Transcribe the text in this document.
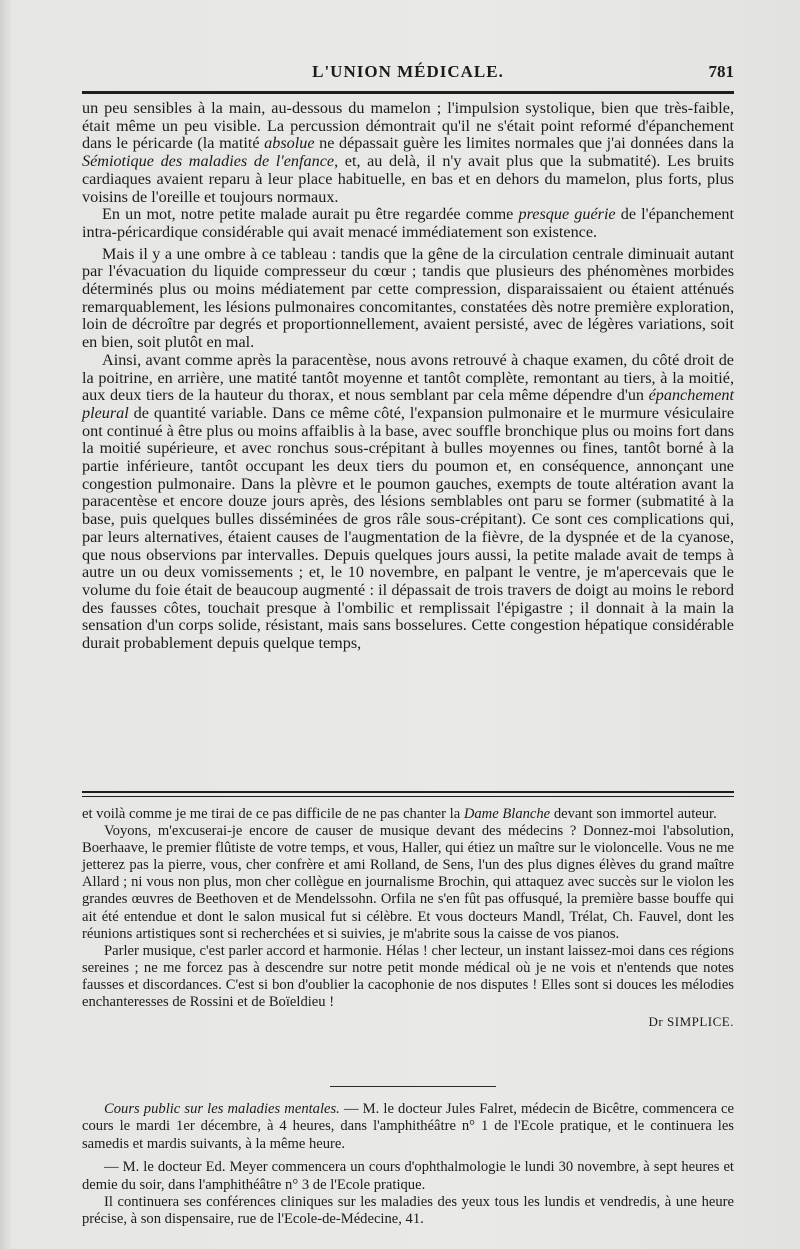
L'UNION MÉDICALE.	781

un peu sensibles à la main, au-dessous du mamelon ; l'impulsion systolique, bien que très-faible, était même un peu visible. La percussion démontrait qu'il ne s'était point reformé d'épanchement dans le péricarde (la matité absolue ne dépassait guère les limites normales que j'ai données dans la Sémiotique des maladies de l'enfance, et, au delà, il n'y avait plus que la submatité). Les bruits cardiaques avaient reparu à leur place habituelle, en bas et en dehors du mamelon, plus forts, plus voisins de l'oreille et toujours normaux.

En un mot, notre petite malade aurait pu être regardée comme presque guérie de l'épanchement intra-péricardique considérable qui avait menacé immédiatement son existence.

Mais il y a une ombre à ce tableau : tandis que la gêne de la circulation centrale diminuait autant par l'évacuation du liquide compresseur du cœur ; tandis que plusieurs des phénomènes morbides déterminés plus ou moins médiatement par cette compression, disparaissaient ou étaient atténués remarquablement, les lésions pulmonaires concomitantes, constatées dès notre première exploration, loin de décroître par degrés et proportionnellement, avaient persisté, avec de légères variations, soit en bien, soit plutôt en mal.

Ainsi, avant comme après la paracentèse, nous avons retrouvé à chaque examen, du côté droit de la poitrine, en arrière, une matité tantôt moyenne et tantôt complète, remontant au tiers, à la moitié, aux deux tiers de la hauteur du thorax, et nous semblant par cela même dépendre d'un épanchement pleural de quantité variable. Dans ce même côté, l'expansion pulmonaire et le murmure vésiculaire ont continué à être plus ou moins affaiblis à la base, avec souffle bronchique plus ou moins fort dans la moitié supérieure, et avec ronchus sous-crépitant à bulles moyennes ou fines, tantôt borné à la partie inférieure, tantôt occupant les deux tiers du poumon et, en conséquence, annonçant une congestion pulmonaire. Dans la plèvre et le poumon gauches, exempts de toute altération avant la paracentèse et encore douze jours après, des lésions semblables ont paru se former (submatité à la base, puis quelques bulles disséminées de gros râle sous-crépitant). Ce sont ces complications qui, par leurs alternatives, étaient causes de l'augmentation de la fièvre, de la dyspnée et de la cyanose, que nous observions par intervalles. Depuis quelques jours aussi, la petite malade avait de temps à autre un ou deux vomissements ; et, le 10 novembre, en palpant le ventre, je m'apercevais que le volume du foie était de beaucoup augmenté : il dépassait de trois travers de doigt au moins le rebord des fausses côtes, touchait presque à l'ombilic et remplissait l'épigastre ; il donnait à la main la sensation d'un corps solide, résistant, mais sans bosselures. Cette congestion hépatique considérable durait probablement depuis quelque temps,

et voilà comme je me tirai de ce pas difficile de ne pas chanter la Dame Blanche devant son immortel auteur.

Voyons, m'excuserai-je encore de causer de musique devant des médecins ? Donnez-moi l'absolution, Boerhaave, le premier flûtiste de votre temps, et vous, Haller, qui étiez un maître sur le violoncelle. Vous ne me jetterez pas la pierre, vous, cher confrère et ami Rolland, de Sens, l'un des plus dignes élèves du grand maître Allard ; ni vous non plus, mon cher collègue en journalisme Brochin, qui attaquez avec succès sur le violon les grandes œuvres de Beethoven et de Mendelssohn. Orfila ne s'en fût pas offusqué, la première basse bouffe qui ait été entendue et dont le salon musical fut si célèbre. Et vous docteurs Mandl, Trélat, Ch. Fauvel, dont les réunions artistiques sont si recherchées et si suivies, je m'abrite sous la caisse de vos pianos.

Parler musique, c'est parler accord et harmonie. Hélas ! cher lecteur, un instant laissez-moi dans ces régions sereines ; ne me forcez pas à descendre sur notre petit monde médical où je ne vois et n'entends que notes fausses et discordances. C'est si bon d'oublier la cacophonie de nos disputes ! Elles sont si douces les mélodies enchanteresses de Rossini et de Boïeldieu !

Dr SIMPLICE.

Cours public sur les maladies mentales. — M. le docteur Jules Falret, médecin de Bicêtre, commencera ce cours le mardi 1er décembre, à 4 heures, dans l'amphithéâtre n° 1 de l'Ecole pratique, et le continuera les samedis et mardis suivants, à la même heure.

— M. le docteur Ed. Meyer commencera un cours d'ophthalmologie le lundi 30 novembre, à sept heures et demie du soir, dans l'amphithéâtre n° 3 de l'Ecole pratique.

Il continuera ses conférences cliniques sur les maladies des yeux tous les lundis et vendredis, à une heure précise, à son dispensaire, rue de l'Ecole-de-Médecine, 41.
